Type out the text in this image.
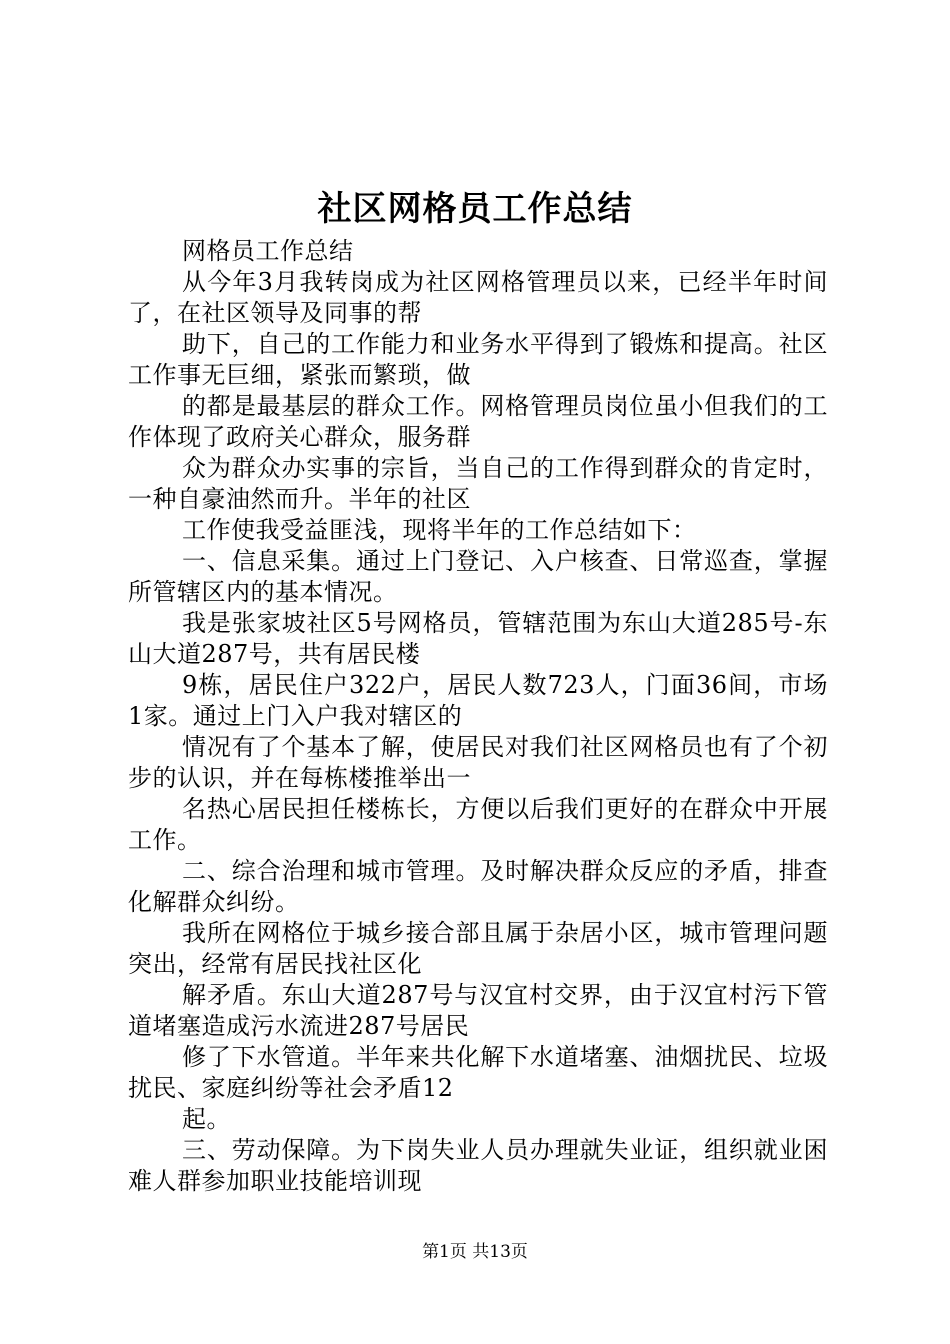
社区网格员工作总结

网格员工作总结

从今年3月我转岗成为社区网格管理员以来，已经半年时间了，在社区领导及同事的帮

助下，自己的工作能力和业务水平得到了锻炼和提高。社区工作事无巨细，紧张而繁琐，做

的都是最基层的群众工作。网格管理员岗位虽小但我们的工作体现了政府关心群众，服务群

众为群众办实事的宗旨，当自己的工作得到群众的肯定时，一种自豪油然而升。半年的社区

工作使我受益匪浅，现将半年的工作总结如下：

一、信息采集。通过上门登记、入户核查、日常巡查，掌握所管辖区内的基本情况。

我是张家坡社区5号网格员，管辖范围为东山大道285号-东山大道287号，共有居民楼

9栋，居民住户322户，居民人数723人，门面36间，市场1家。通过上门入户我对辖区的

情况有了个基本了解，使居民对我们社区网格员也有了个初步的认识，并在每栋楼推举出一

名热心居民担任楼栋长，方便以后我们更好的在群众中开展工作。

二、综合治理和城市管理。及时解决群众反应的矛盾，排查化解群众纠纷。

我所在网格位于城乡接合部且属于杂居小区，城市管理问题突出，经常有居民找社区化

解矛盾。东山大道287号与汉宜村交界，由于汉宜村污下管道堵塞造成污水流进287号居民

修了下水管道。半年来共化解下水道堵塞、油烟扰民、垃圾扰民、家庭纠纷等社会矛盾12

起。

三、劳动保障。为下岗失业人员办理就失业证，组织就业困难人群参加职业技能培训现

第1页 共13页
